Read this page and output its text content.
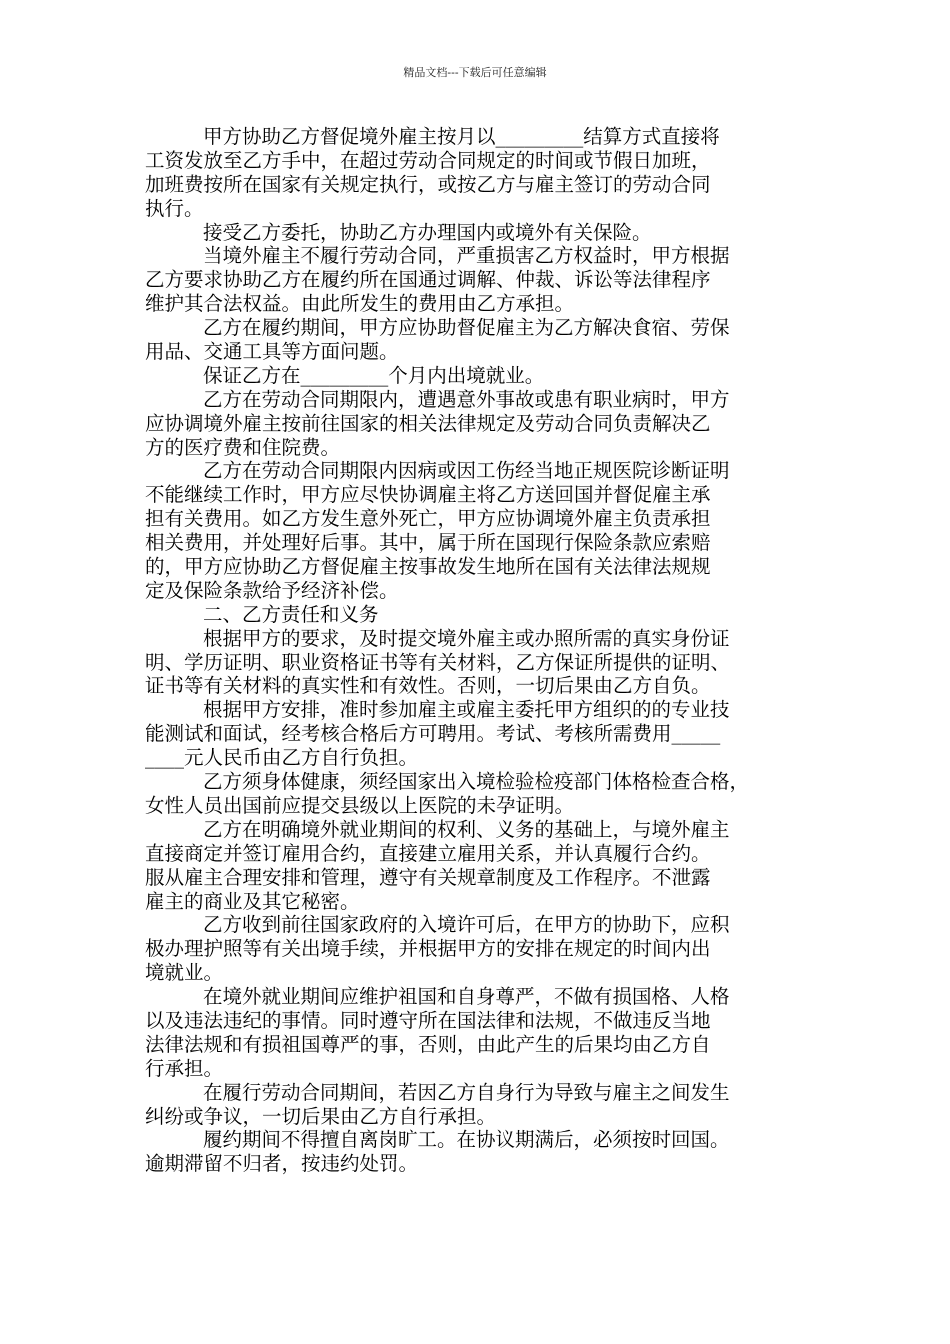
精品文档---下载后可任意编辑
甲方协助乙方督促境外雇主按月以_________结算方式直接将
工资发放至乙方手中，在超过劳动合同规定的时间或节假日加班，
加班费按所在国家有关规定执行，或按乙方与雇主签订的劳动合同
执行。
接受乙方委托，协助乙方办理国内或境外有关保险。
当境外雇主不履行劳动合同，严重损害乙方权益时，甲方根据
乙方要求协助乙方在履约所在国通过调解、仲裁、诉讼等法律程序
维护其合法权益。由此所发生的费用由乙方承担。
乙方在履约期间，甲方应协助督促雇主为乙方解决食宿、劳保
用品、交通工具等方面问题。
保证乙方在_________个月内出境就业。
乙方在劳动合同期限内，遭遇意外事故或患有职业病时，甲方
应协调境外雇主按前往国家的相关法律规定及劳动合同负责解决乙
方的医疗费和住院费。
乙方在劳动合同期限内因病或因工伤经当地正规医院诊断证明
不能继续工作时，甲方应尽快协调雇主将乙方送回国并督促雇主承
担有关费用。如乙方发生意外死亡，甲方应协调境外雇主负责承担
相关费用，并处理好后事。其中，属于所在国现行保险条款应索赔
的，甲方应协助乙方督促雇主按事故发生地所在国有关法律法规规
定及保险条款给予经济补偿。
二、乙方责任和义务
根据甲方的要求，及时提交境外雇主或办照所需的真实身份证
明、学历证明、职业资格证书等有关材料，乙方保证所提供的证明、
证书等有关材料的真实性和有效性。否则，一切后果由乙方自负。
根据甲方安排，准时参加雇主或雇主委托甲方组织的的专业技
能测试和面试，经考核合格后方可聘用。考试、考核所需费用_____
____元人民币由乙方自行负担。
乙方须身体健康，须经国家出入境检验检疫部门体格检查合格，
女性人员出国前应提交县级以上医院的未孕证明。
乙方在明确境外就业期间的权利、义务的基础上，与境外雇主
直接商定并签订雇用合约，直接建立雇用关系，并认真履行合约。
服从雇主合理安排和管理，遵守有关规章制度及工作程序。不泄露
雇主的商业及其它秘密。
乙方收到前往国家政府的入境许可后，在甲方的协助下，应积
极办理护照等有关出境手续，并根据甲方的安排在规定的时间内出
境就业。
在境外就业期间应维护祖国和自身尊严，不做有损国格、人格
以及违法违纪的事情。同时遵守所在国法律和法规，不做违反当地
法律法规和有损祖国尊严的事，否则，由此产生的后果均由乙方自
行承担。
在履行劳动合同期间，若因乙方自身行为导致与雇主之间发生
纠纷或争议，一切后果由乙方自行承担。
履约期间不得擅自离岗旷工。在协议期满后，必须按时回国。
逾期滞留不归者，按违约处罚。
